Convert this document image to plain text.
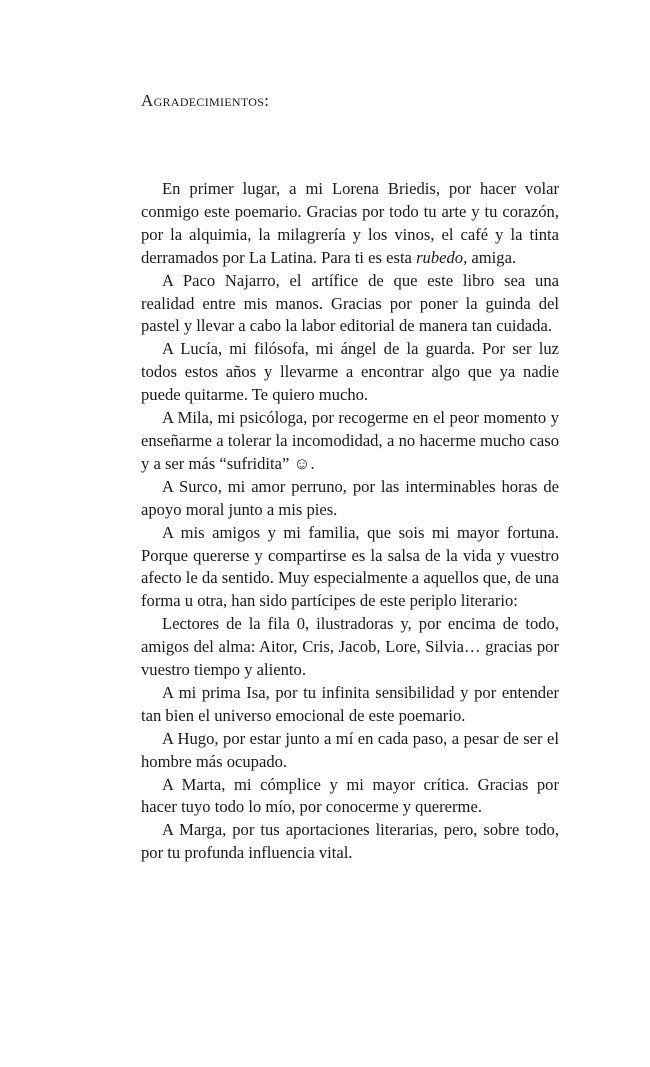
Agradecimientos:

En primer lugar, a mi Lorena Briedis, por hacer volar conmigo este poemario. Gracias por todo tu arte y tu corazón, por la alquimia, la milagrería y los vinos, el café y la tinta derramados por La Latina. Para ti es esta rubedo, amiga.

A Paco Najarro, el artífice de que este libro sea una realidad entre mis manos. Gracias por poner la guinda del pastel y llevar a cabo la labor editorial de manera tan cuidada.

A Lucía, mi filósofa, mi ángel de la guarda. Por ser luz todos estos años y llevarme a encontrar algo que ya nadie puede quitarme. Te quiero mucho.

A Mila, mi psicóloga, por recogerme en el peor momento y enseñarme a tolerar la incomodidad, a no hacerme mucho caso y a ser más “sufridita” ☺.

A Surco, mi amor perruno, por las interminables horas de apoyo moral junto a mis pies.

A mis amigos y mi familia, que sois mi mayor fortuna. Porque quererse y compartirse es la salsa de la vida y vuestro afecto le da sentido. Muy especialmente a aquellos que, de una forma u otra, han sido partícipes de este periplo literario:

Lectores de la fila 0, ilustradoras y, por encima de todo, amigos del alma: Aitor, Cris, Jacob, Lore, Silvia… gracias por vuestro tiempo y aliento.

A mi prima Isa, por tu infinita sensibilidad y por entender tan bien el universo emocional de este poemario.

A Hugo, por estar junto a mí en cada paso, a pesar de ser el hombre más ocupado.

A Marta, mi cómplice y mi mayor crítica. Gracias por hacer tuyo todo lo mío, por conocerme y quererme.

A Marga, por tus aportaciones literarias, pero, sobre todo, por tu profunda influencia vital.
